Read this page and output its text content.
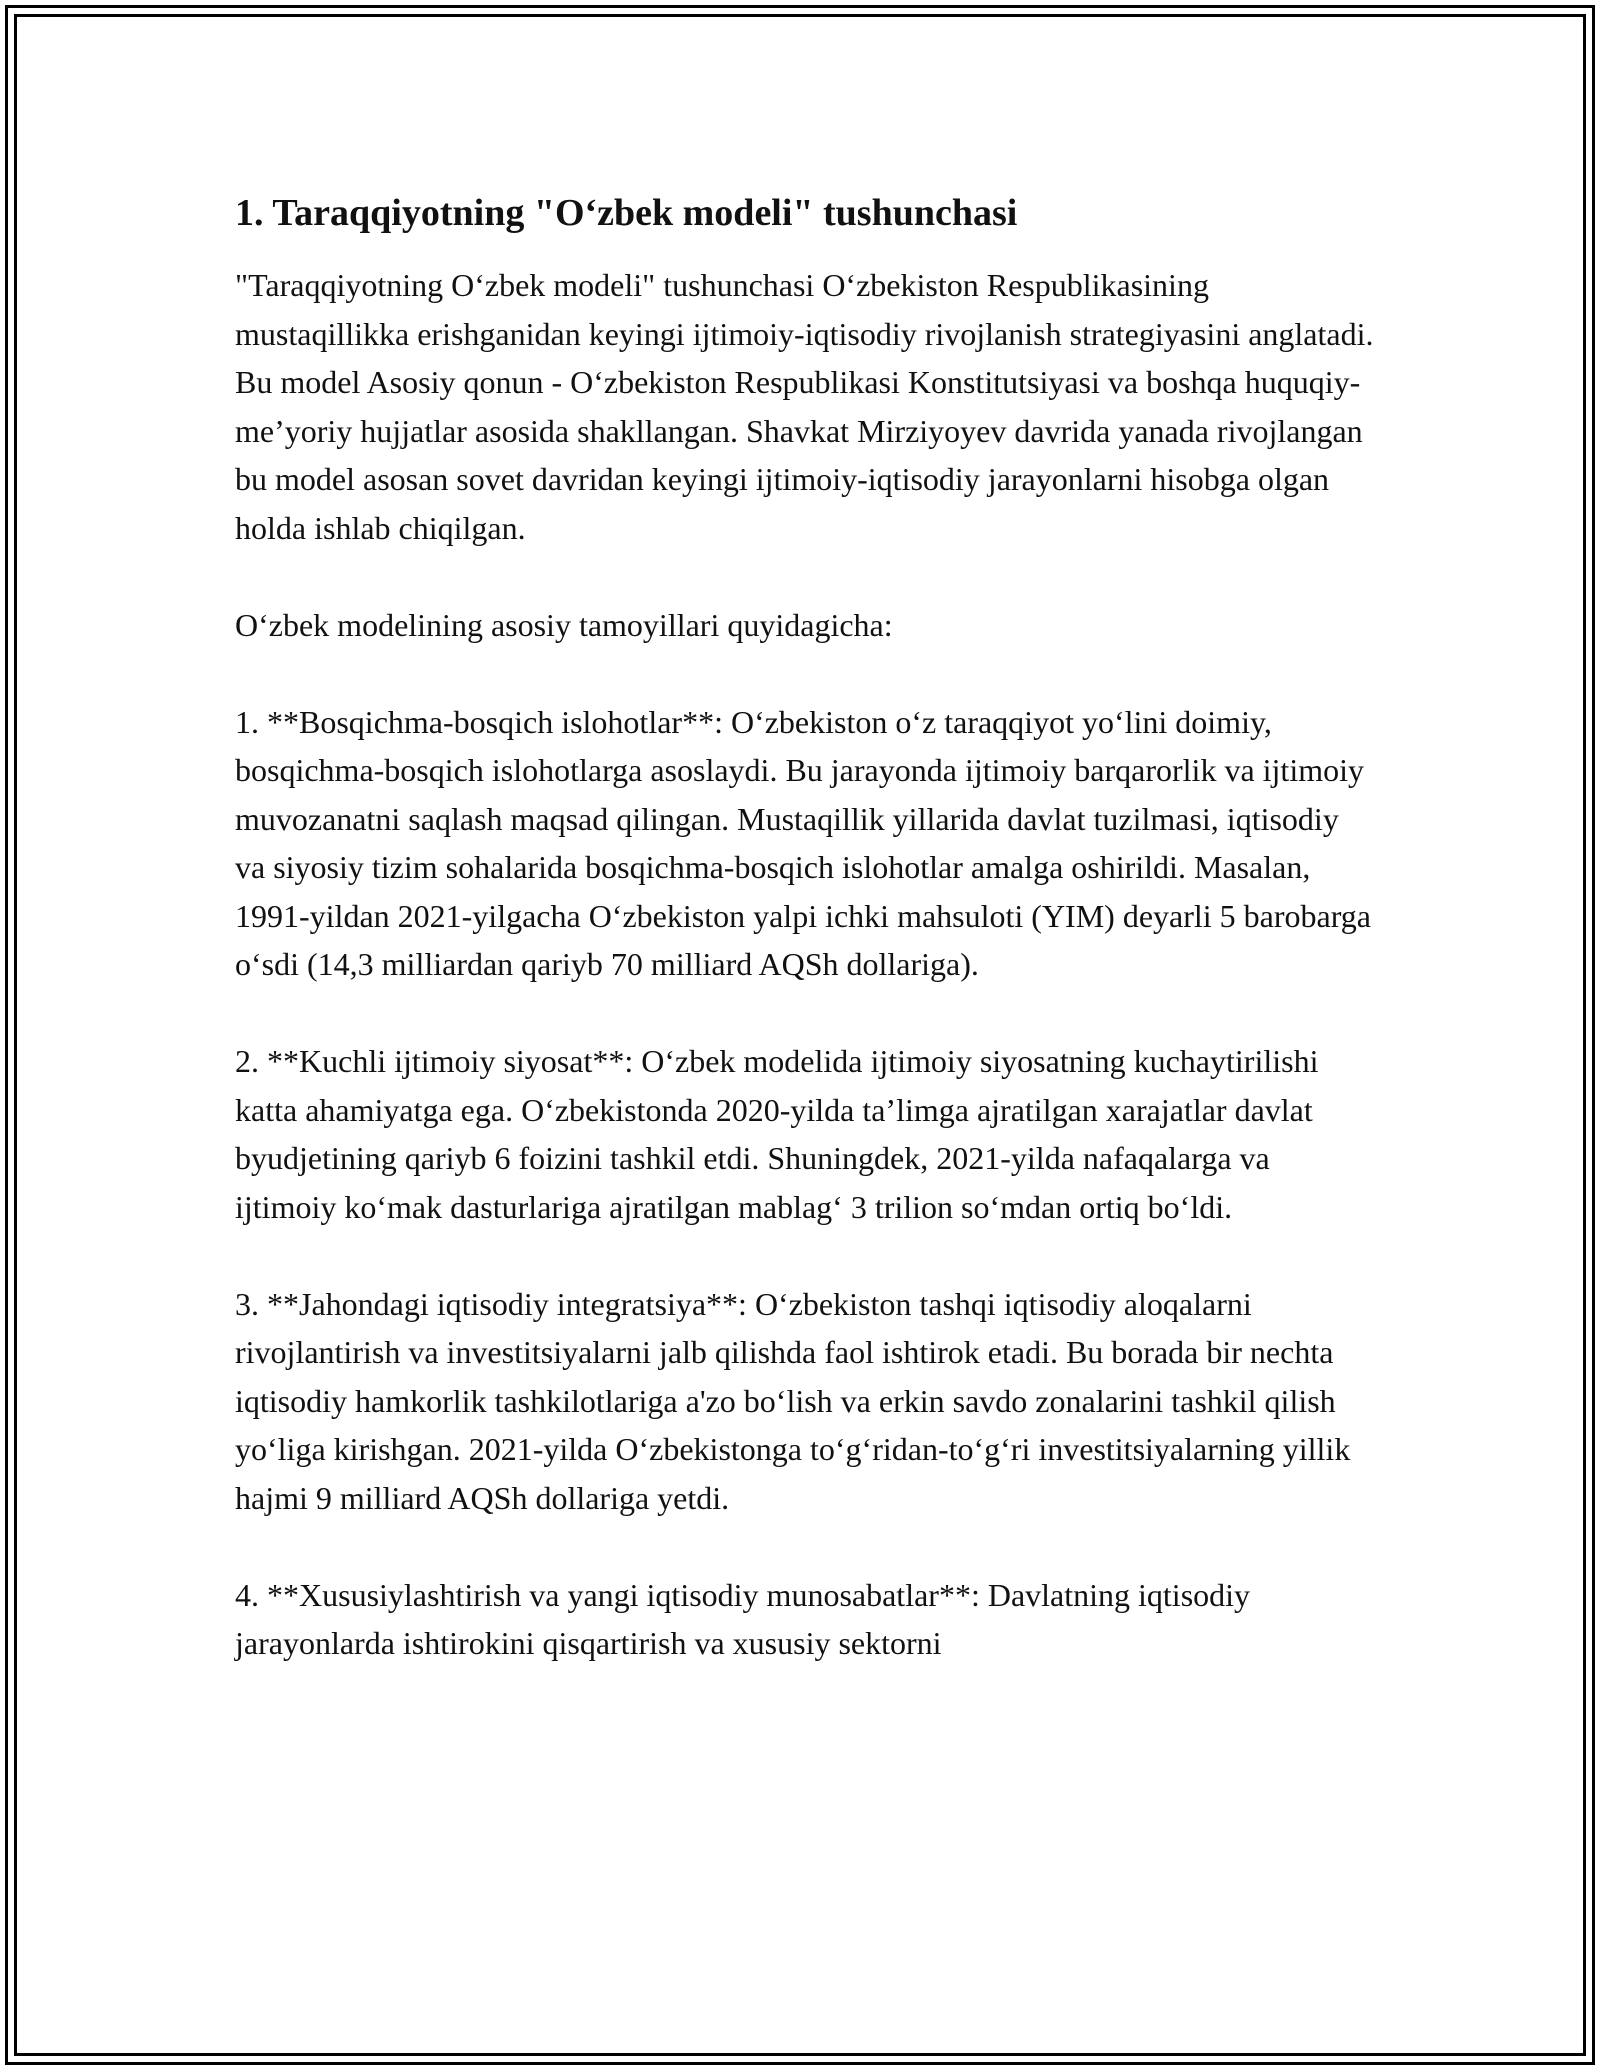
1. Taraqqiyotning "O‘zbek modeli" tushunchasi

"Taraqqiyotning O‘zbek modeli" tushunchasi O‘zbekiston Respublikasining mustaqillikka erishganidan keyingi ijtimoiy-iqtisodiy rivojlanish strategiyasini anglatadi. Bu model Asosiy qonun - O‘zbekiston Respublikasi Konstitutsiyasi va boshqa huquqiy-me’yoriy hujjatlar asosida shakllangan. Shavkat Mirziyoyev davrida yanada rivojlangan bu model asosan sovet davridan keyingi ijtimoiy-iqtisodiy jarayonlarni hisobga olgan holda ishlab chiqilgan.

O‘zbek modelining asosiy tamoyillari quyidagicha:

1. **Bosqichma-bosqich islohotlar**: O‘zbekiston o‘z taraqqiyot yo‘lini doimiy, bosqichma-bosqich islohotlarga asoslaydi. Bu jarayonda ijtimoiy barqarorlik va ijtimoiy muvozanatni saqlash maqsad qilingan. Mustaqillik yillarida davlat tuzilmasi, iqtisodiy va siyosiy tizim sohalarida bosqichma-bosqich islohotlar amalga oshirildi. Masalan, 1991-yildan 2021-yilgacha O‘zbekiston yalpi ichki mahsuloti (YIM) deyarli 5 barobarga o‘sdi (14,3 milliardan qariyb 70 milliard AQSh dollariga).

2. **Kuchli ijtimoiy siyosat**: O‘zbek modelida ijtimoiy siyosatning kuchaytirilishi katta ahamiyatga ega. O‘zbekistonda 2020-yilda ta’limga ajratilgan xarajatlar davlat byudjetining qariyb 6 foizini tashkil etdi. Shuningdek, 2021-yilda nafaqalarga va ijtimoiy ko‘mak dasturlariga ajratilgan mablag‘ 3 trilion so‘mdan ortiq bo‘ldi.

3. **Jahondagi iqtisodiy integratsiya**: O‘zbekiston tashqi iqtisodiy aloqalarni rivojlantirish va investitsiyalarni jalb qilishda faol ishtirok etadi. Bu borada bir nechta iqtisodiy hamkorlik tashkilotlariga a'zo bo‘lish va erkin savdo zonalarini tashkil qilish yo‘liga kirishgan. 2021-yilda O‘zbekistonga to‘g‘ridan-to‘g‘ri investitsiyalarning yillik hajmi 9 milliard AQSh dollariga yetdi.

4. **Xususiylashtirish va yangi iqtisodiy munosabatlar**: Davlatning iqtisodiy jarayonlarda ishtirokini qisqartirish va xususiy sektorni
